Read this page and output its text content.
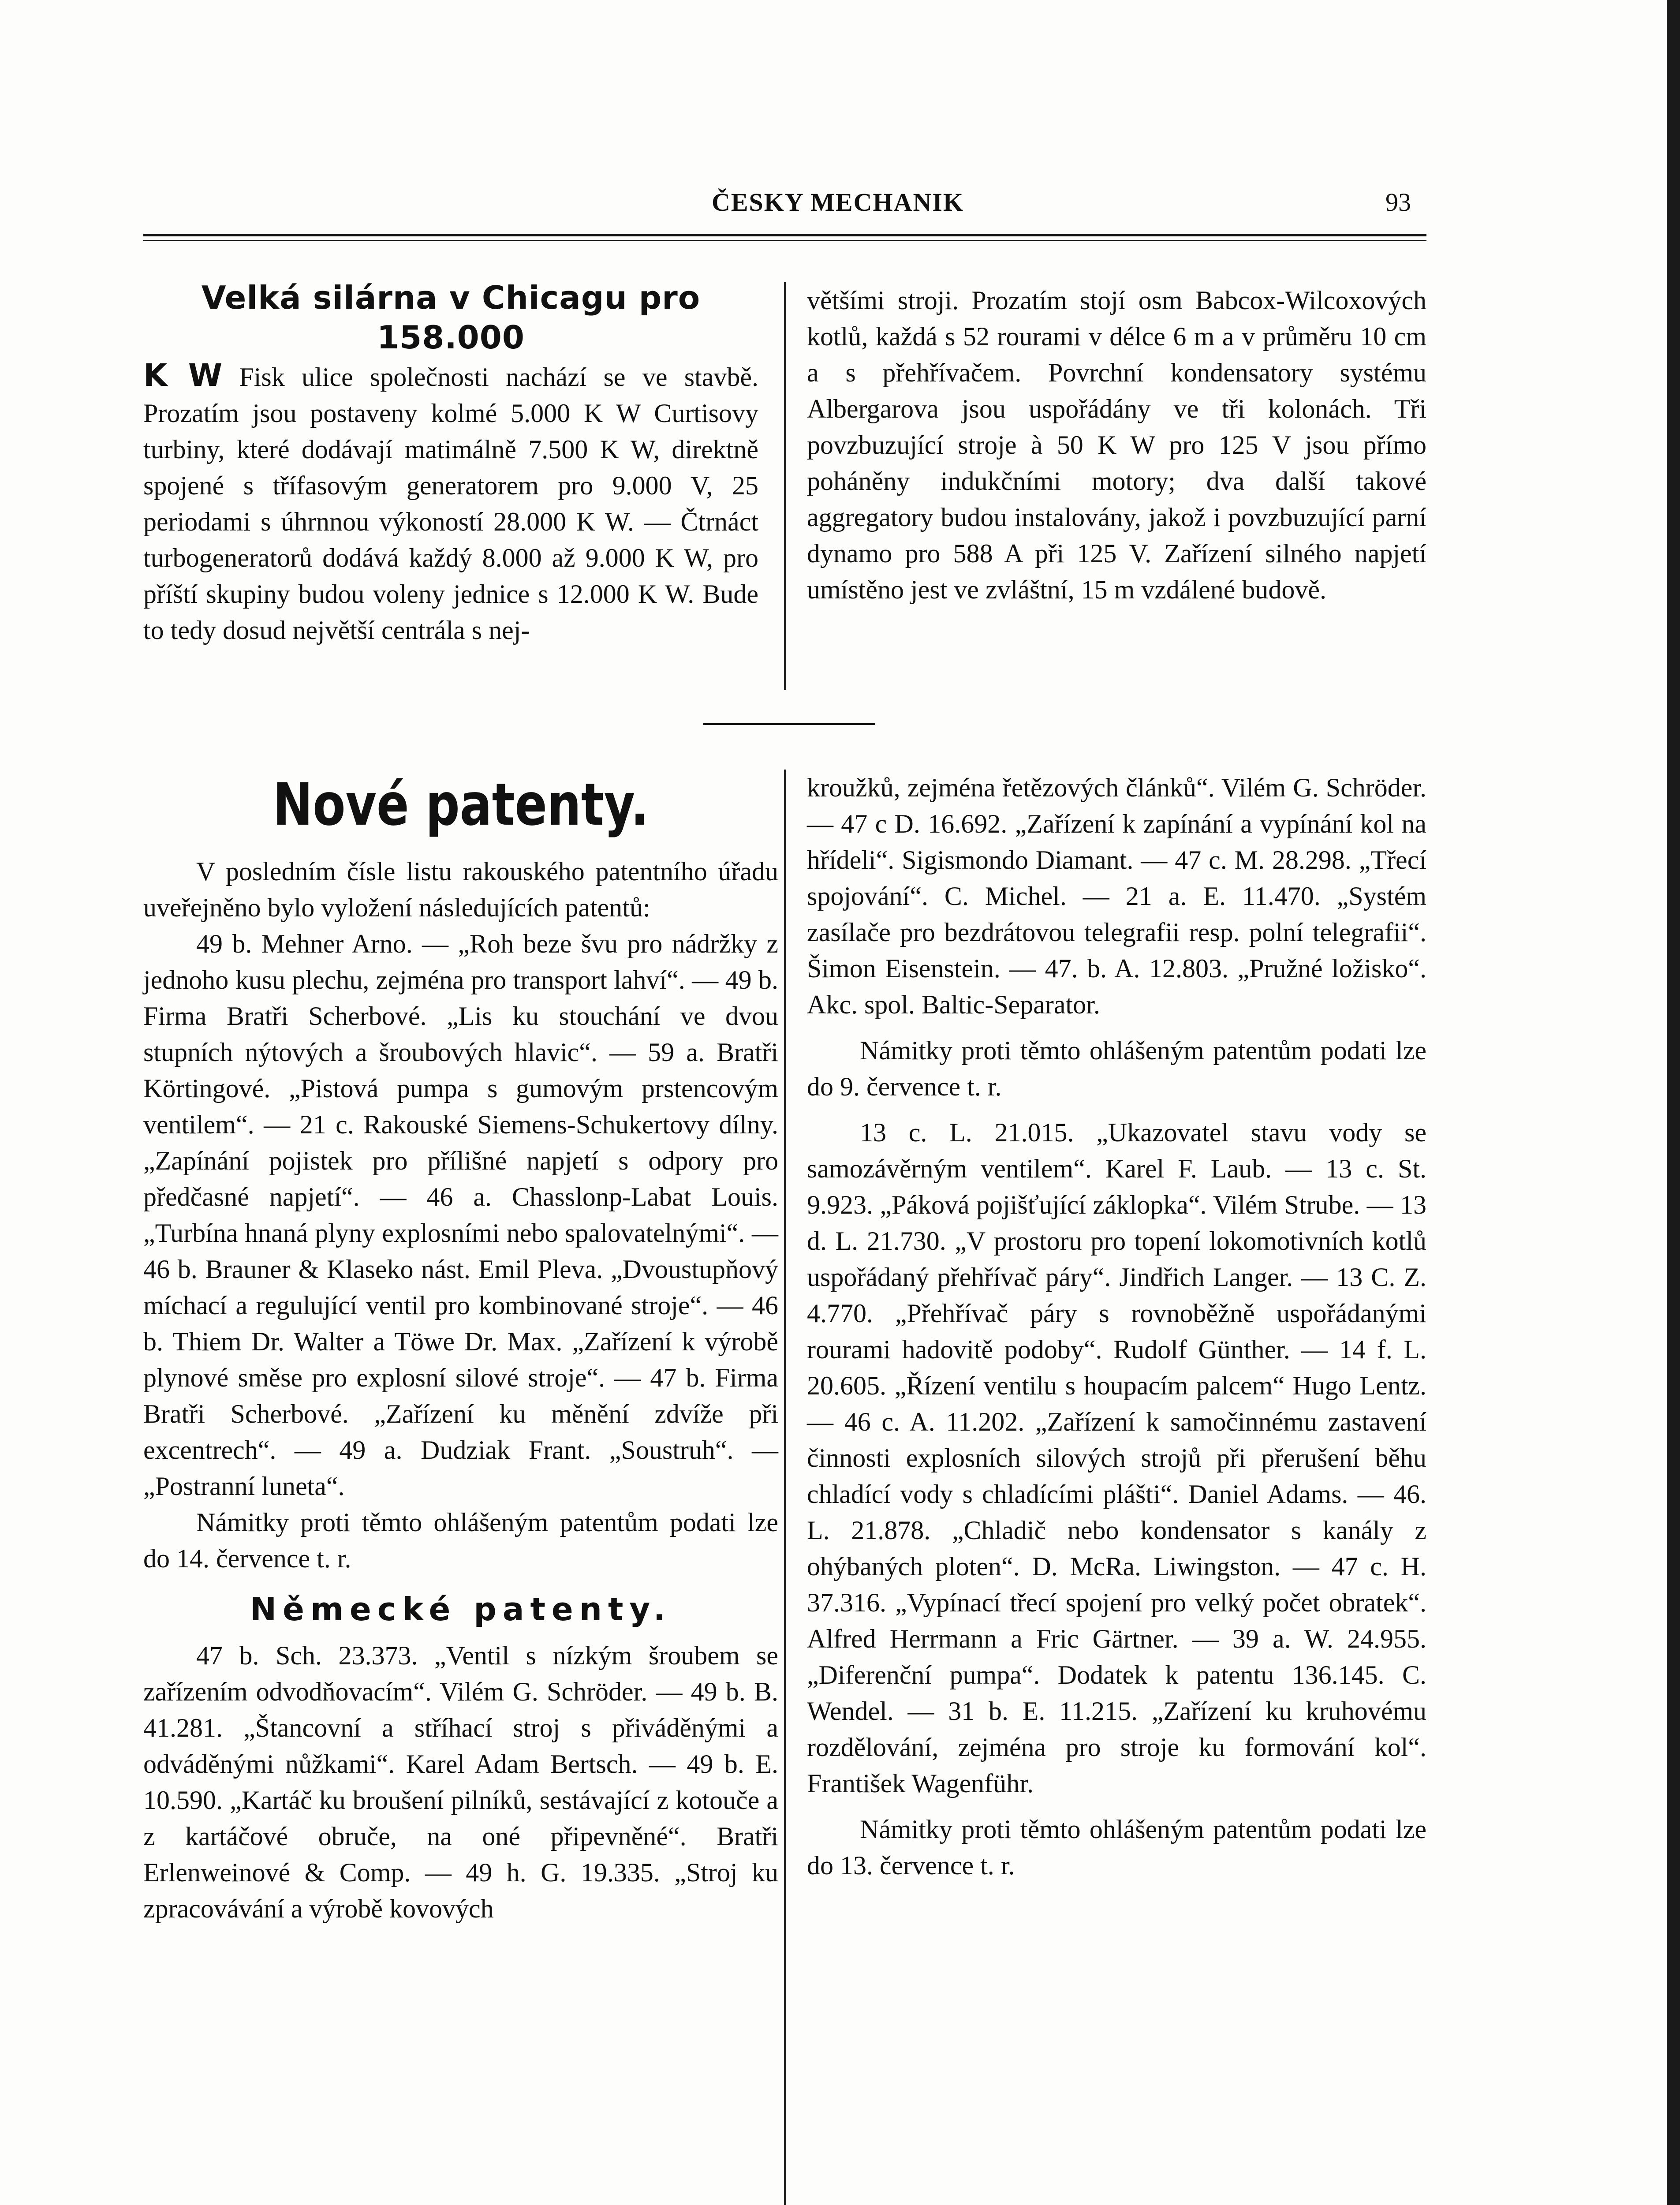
ČESKY MECHANIK	93
Velká silárna v Chicagu pro 158.000

K W Fisk ulice společnosti nachází se ve stavbě. Prozatím jsou postaveny kolmé 5.000 K W Curtisovy turbiny, které dodávají matimálně 7.500 K W, direktně spojené s třífasovým generatorem pro 9.000 V, 25 periodami s úhrnnou výkoností 28.000 K W. — Čtrnáct turbogeneratorů dodává každý 8.000 až 9.000 K W, pro příští skupiny budou voleny jednice s 12.000 K W. Bude to tedy dosud největší centrála s nej-

většími stroji. Prozatím stojí osm Babcox-Wilcoxových kotlů, každá s 52 rourami v délce 6 m a v průměru 10 cm a s přehřívačem. Povrchní kondensatory systému Albergarova jsou uspořádány ve tři kolonách. Tři povzbuzující stroje à 50 K W pro 125 V jsou přímo poháněny indukčními motory; dva další takové aggregatory budou instalovány, jakož i povzbuzující parní dynamo pro 588 A při 125 V. Zařízení silného napjetí umístěno jest ve zvláštní, 15 m vzdálené budově.

Nové patenty.

V posledním čísle listu rakouského patentního úřadu uveřejněno bylo vyložení následujících patentů:

49 b. Mehner Arno. — „Roh beze švu pro nádržky z jednoho kusu plechu, zejména pro transport lahví“. — 49 b. Firma Bratři Scherbové. „Lis ku stouchání ve dvou stupních nýtových a šroubových hlaviс“. — 59 a. Bratři Körtingové. „Pistová pumpa s gumovým prstencovým ventilem“. — 21 c. Rakouské Siemens-Schukertovy dílny. „Zapínání pojistek pro přílišné napjetí s odpory pro předčasné napjetí“. — 46 a. Chasslonp-Labat Louis. „Turbína hnaná plyny explosními nebo spalovatelnými“. — 46 b. Brauner & Klaseko nást. Emil Pleva. „Dvoustupňový míchací a regulující ventil pro kombinované stroje“. — 46 b. Thiem Dr. Walter a Töwe Dr. Max. „Zařízení k výrobě plynové směse pro explosní silové stroje“. — 47 b. Firma Bratři Scherbové. „Zařízení ku měnění zdvíže při excentrech“. — 49 a. Dudziak Frant. „Soustruh“. — „Postranní luneta“.

Námitky proti těmto ohlášeným patentům podati lze do 14. července t. r.

Německé patenty.

47 b. Sch. 23.373. „Ventil s nízkým šroubem se zařízením odvodňovacím“. Vilém G. Schröder. — 49 b. B. 41.281. „Štancovní a stříhací stroj s přiváděnými a odváděnými nůžkami“. Karel Adam Bertsch. — 49 b. E. 10.590. „Kartáč ku broušení pilníků, sestávající z kotouče a z kartáčové obruče, na oné připevněné“. Bratři Erlenweinové & Comp. — 49 h. G. 19.335. „Stroj ku zpracovávání a výrobě kovových

kroužků, zejména řetězových článků“. Vilém G. Schröder. — 47 c D. 16.692. „Zařízení k zapínání a vypínání kol na hřídeli“. Sigismondo Diamant. — 47 c. M. 28.298. „Třecí spojování“. C. Michel. — 21 a. E. 11.470. „Systém zasílače pro bezdrátovou telegrafii resp. polní telegrafii“. Šimon Eisenstein. — 47. b. A. 12.803. „Pružné ložisko“. Akc. spol. Baltic-Separator.

Námitky proti těmto ohlášeným patentům podati lze do 9. července t. r.

13 c. L. 21.015. „Ukazovatel stavu vody se samozávěrným ventilem“. Karel F. Laub. — 13 c. St. 9.923. „Páková pojišťující záklopka“. Vilém Strube. — 13 d. L. 21.730. „V prostoru pro topení lokomotivních kotlů uspořádaný přehřívač páry“. Jindřich Langer. — 13 C. Z. 4.770. „Přehřívač páry s rovnoběžně uspořádanými rourami hadovitě podoby“. Rudolf Günther. — 14 f. L. 20.605. „Řízení ventilu s houpacím palcem“ Hugo Lentz. — 46 c. A. 11.202. „Zařízení k samočinnému zastavení činnosti explosních silových strojů při přerušení běhu chladící vody s chladícími plášti“. Daniel Adams. — 46. L. 21.878. „Chladič nebo kondensator s kanály z ohýbaných ploten“. D. McRa. Liwingston. — 47 c. H. 37.316. „Vypínací třecí spojení pro velký počet obratek“. Alfred Herrmann a Fric Gärtner. — 39 a. W. 24.955. „Diferenční pumpa“. Dodatek k patentu 136.145. C. Wendel. — 31 b. E. 11.215. „Zařízení ku kruhovému rozdělování, zejména pro stroje ku formování kol“. František Wagenführ.

Námitky proti těmto ohlášeným patentům podati lze do 13. července t. r.
